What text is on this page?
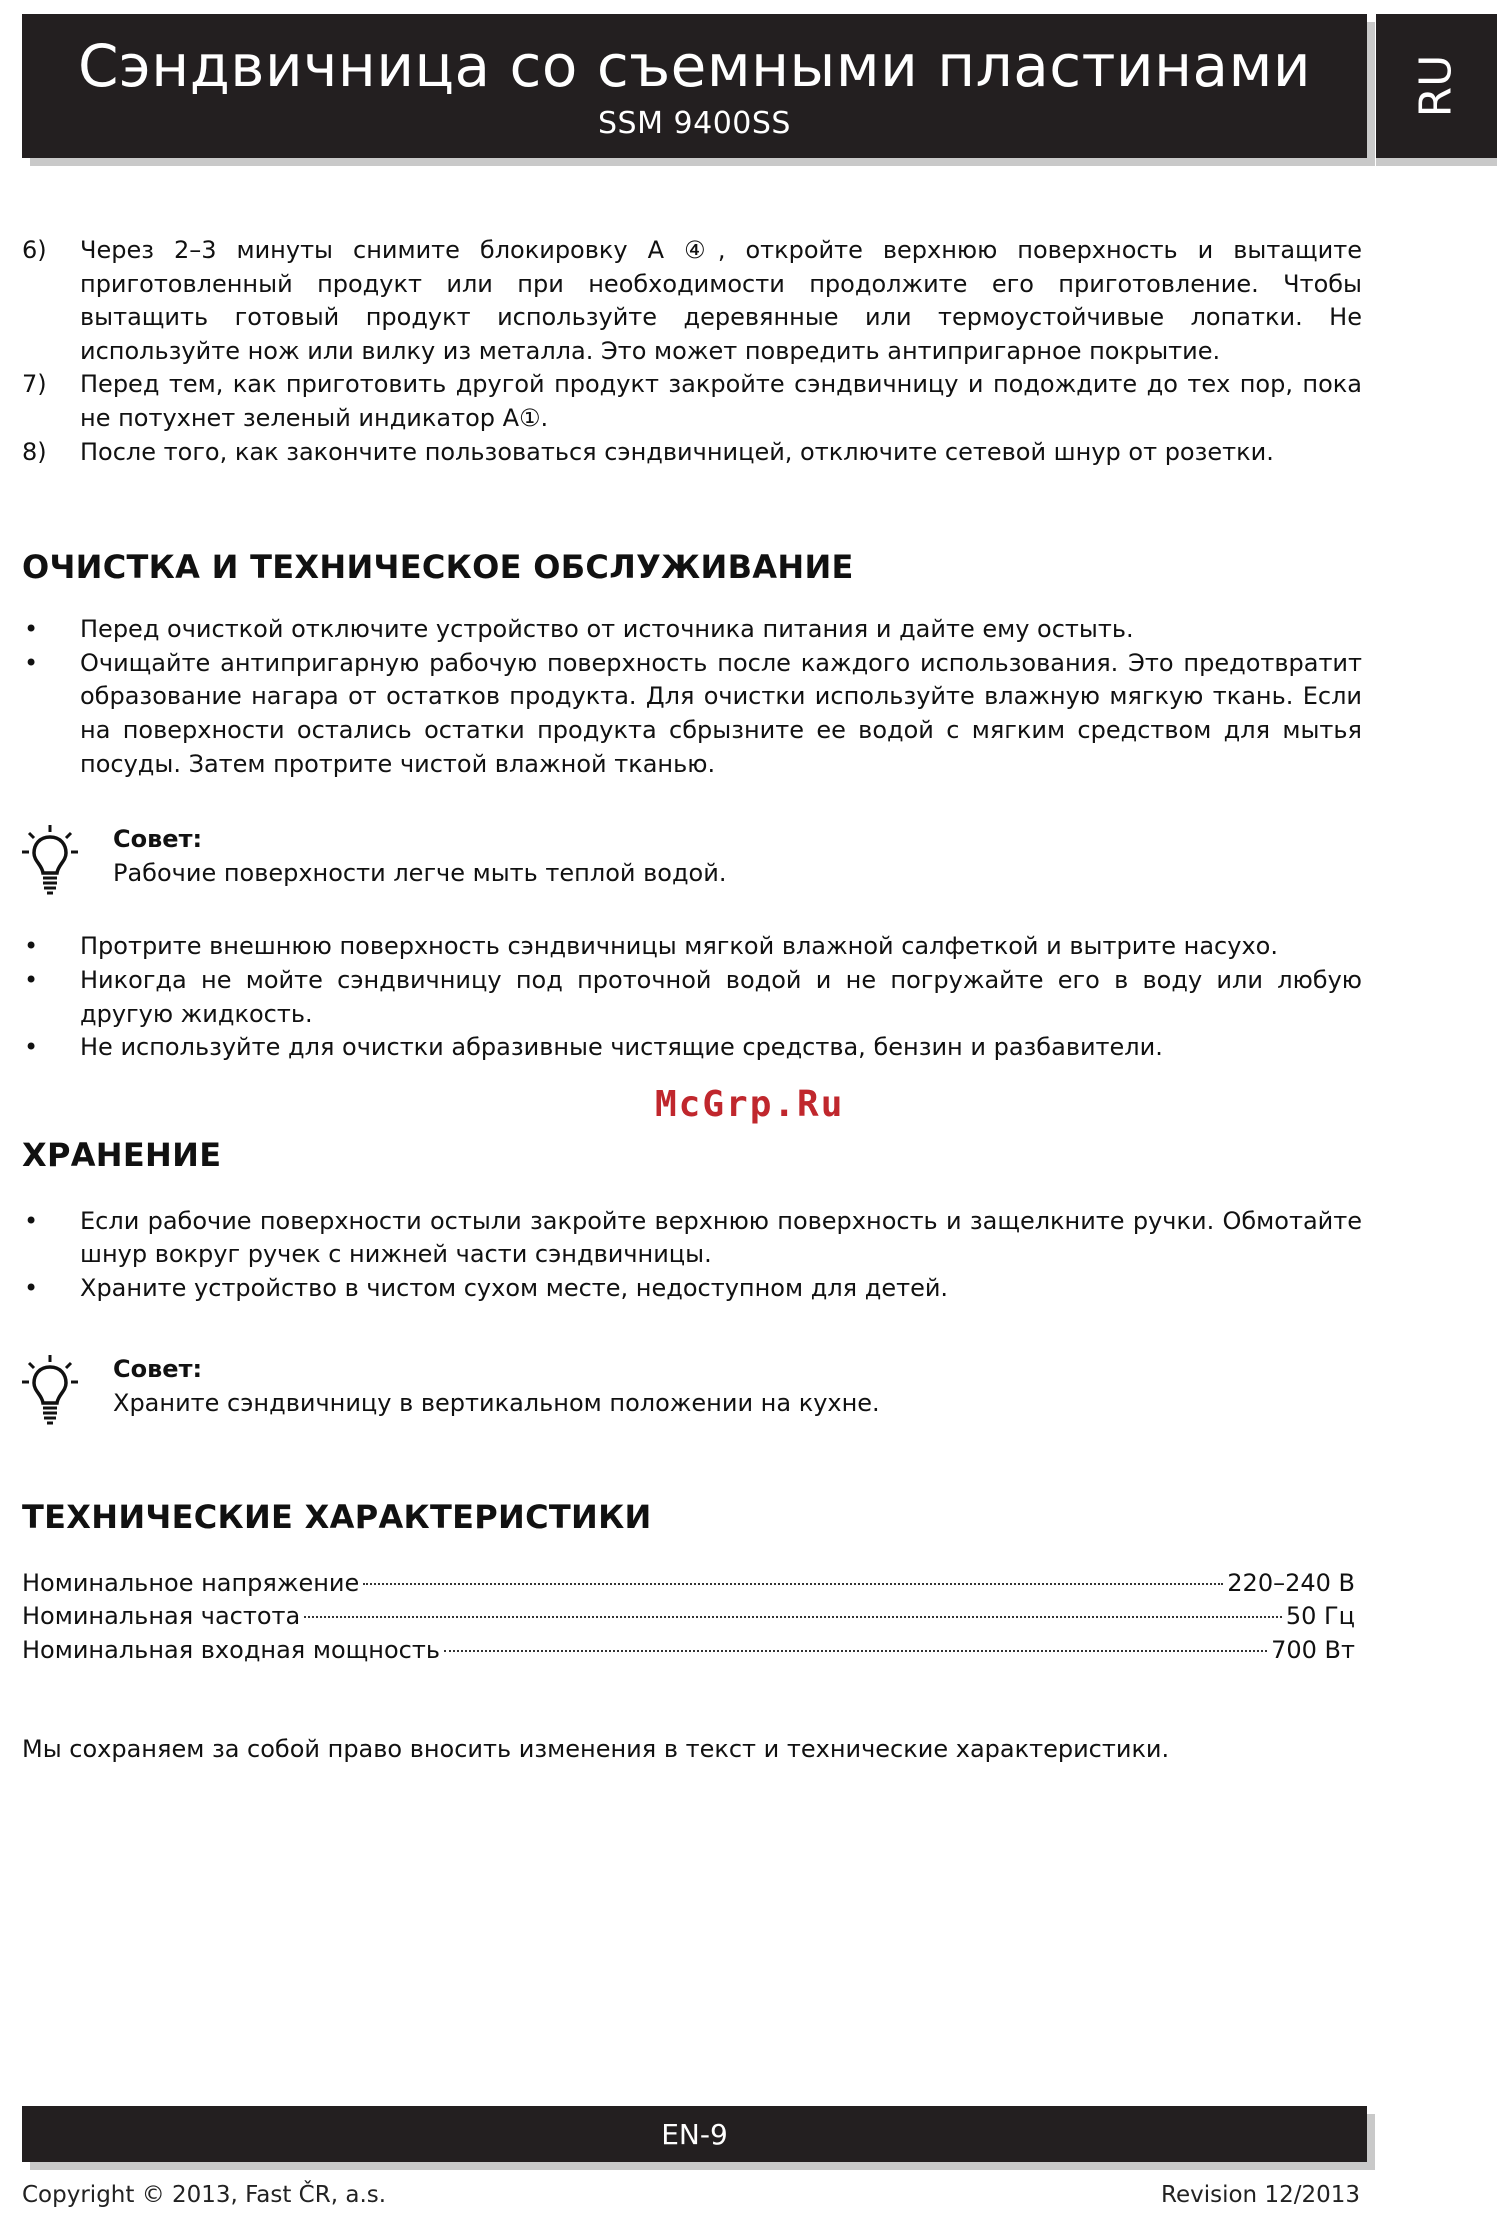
Сэндвичница со съемными пластинами
SSM 9400SS
RU
6) Через 2–3 минуты снимите блокировку A ④, откройте верхнюю поверхность и вытащите приготовленный продукт или при необходимости продолжите его приготовление. Чтобы вытащить готовый продукт используйте деревянные или термоустойчивые лопатки. Не используйте нож или вилку из металла. Это может повредить антипригарное покрытие.
7) Перед тем, как приготовить другой продукт закройте сэндвичницу и подождите до тех пор, пока не потухнет зеленый индикатор A①.
8) После того, как закончите пользоваться сэндвичницей, отключите сетевой шнур от розетки.
ОЧИСТКА И ТЕХНИЧЕСКОЕ ОБСЛУЖИВАНИЕ
• Перед очисткой отключите устройство от источника питания и дайте ему остыть.
• Очищайте антипригарную рабочую поверхность после каждого использования. Это предотвратит образование нагара от остатков продукта. Для очистки используйте влажную мягкую ткань. Если на поверхности остались остатки продукта сбрызните ее водой с мягким средством для мытья посуды. Затем протрите чистой влажной тканью.
Совет:
Рабочие поверхности легче мыть теплой водой.
• Протрите внешнюю поверхность сэндвичницы мягкой влажной салфеткой и вытрите насухо.
• Никогда не мойте сэндвичницу под проточной водой и не погружайте его в воду или любую другую жидкость.
• Не используйте для очистки абразивные чистящие средства, бензин и разбавители.
ХРАНЕНИЕ
• Если рабочие поверхности остыли закройте верхнюю поверхность и защелкните ручки. Обмотайте шнур вокруг ручек с нижней части сэндвичницы.
• Храните устройство в чистом сухом месте, недоступном для детей.
Совет:
Храните сэндвичницу в вертикальном положении на кухне.
ТЕХНИЧЕСКИЕ ХАРАКТЕРИСТИКИ
Номинальное напряжение	220–240 В
Номинальная частота	50 Гц
Номинальная входная мощность	700 Вт
Мы сохраняем за собой право вносить изменения в текст и технические характеристики.
McGrp.Ru
EN-9
Copyright © 2013, Fast ČR, a.s.	Revision 12/2013
